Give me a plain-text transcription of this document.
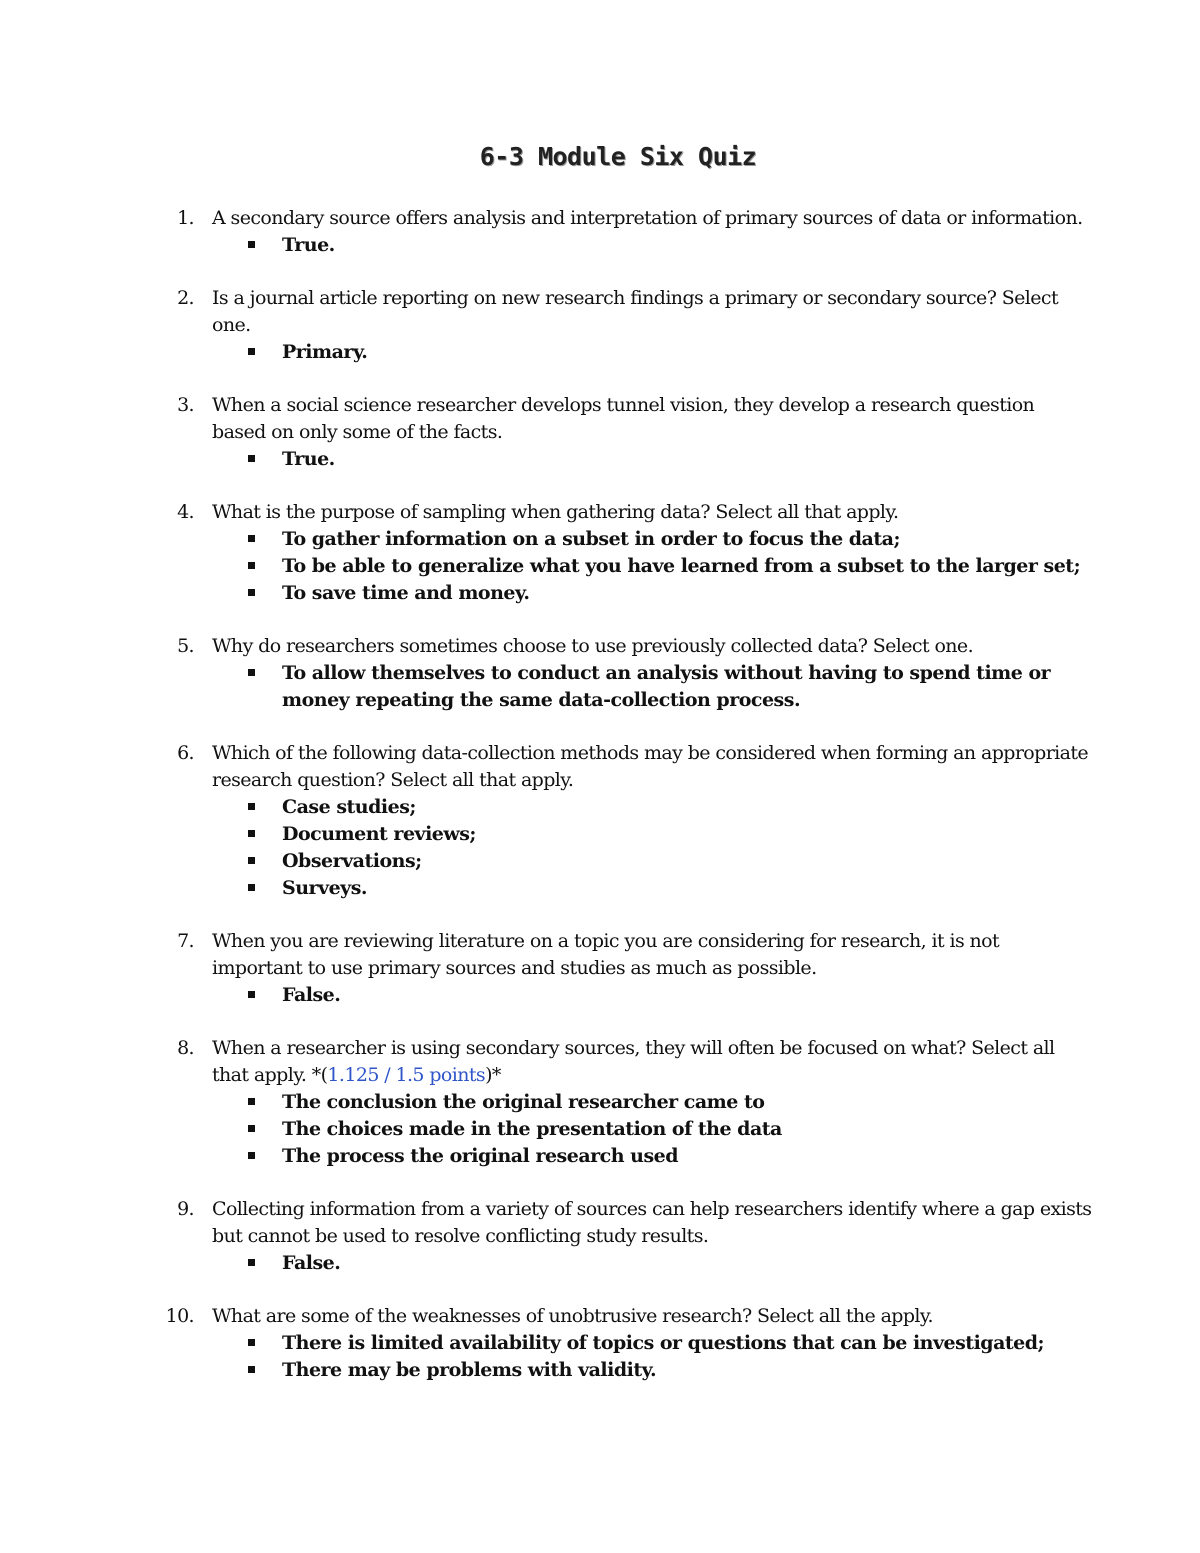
6-3 Module Six Quiz
1. A secondary source offers analysis and interpretation of primary sources of data or information.
True.
2. Is a journal article reporting on new research findings a primary or secondary source? Select one.
Primary.
3. When a social science researcher develops tunnel vision, they develop a research question based on only some of the facts.
True.
4. What is the purpose of sampling when gathering data? Select all that apply.
To gather information on a subset in order to focus the data;
To be able to generalize what you have learned from a subset to the larger set;
To save time and money.
5. Why do researchers sometimes choose to use previously collected data? Select one.
To allow themselves to conduct an analysis without having to spend time or money repeating the same data-collection process.
6. Which of the following data-collection methods may be considered when forming an appropriate research question? Select all that apply.
Case studies;
Document reviews;
Observations;
Surveys.
7. When you are reviewing literature on a topic you are considering for research, it is not important to use primary sources and studies as much as possible.
False.
8. When a researcher is using secondary sources, they will often be focused on what? Select all that apply. *(1.125 / 1.5 points)*
The conclusion the original researcher came to
The choices made in the presentation of the data
The process the original research used
9. Collecting information from a variety of sources can help researchers identify where a gap exists but cannot be used to resolve conflicting study results.
False.
10. What are some of the weaknesses of unobtrusive research? Select all the apply.
There is limited availability of topics or questions that can be investigated;
There may be problems with validity.
